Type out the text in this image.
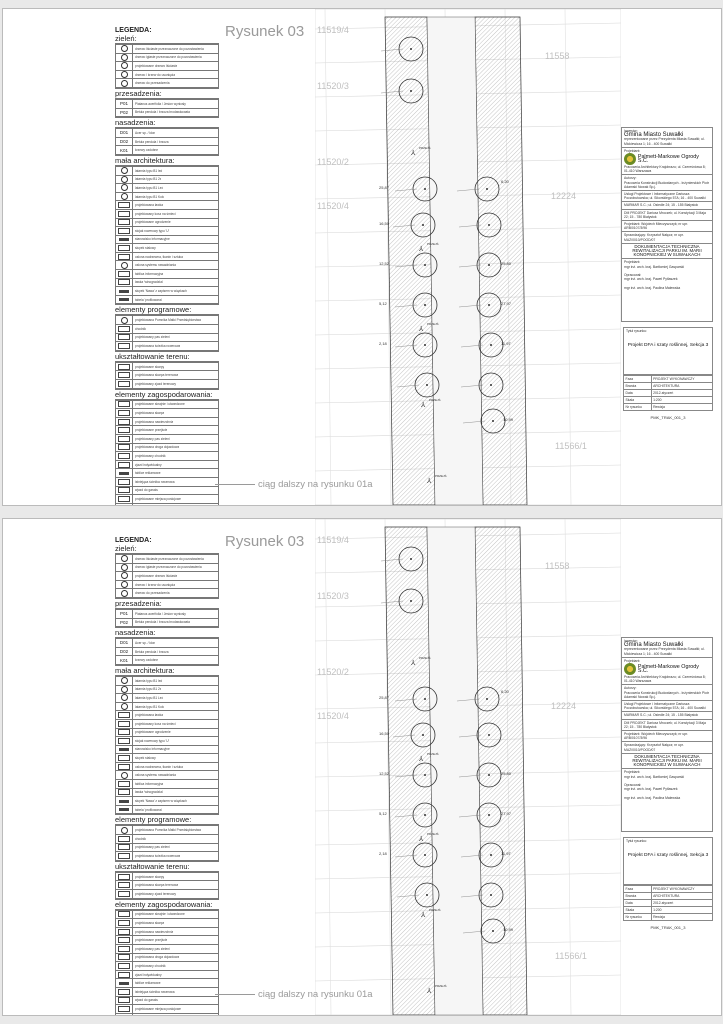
Rysunek 03
LEGENDA:
zieleń:
drzewo liściaste przeznaczone do pozostawienia
drzewo iglaste przeznaczone do pozostawienia
projektowane drzewo liściaste
drzewo / krzew do usunięcia
drzewo do przesadzenia
przesadzenia:
P01	Platanus acerifolia / Jesion wyniosły
P02	Betula pendula / brzoza brodawkowata
nasadzenia:
D01	Acer sp. / klon
D02	Betula pendula / brzoza
K01	krzewy ozdobne
mała architektura:
latarnia typu B1 led
latarnia typu B1 2x
latarnia typu B1 Led
latarnia typu B1 Koło
projektowana ławka
projektowany kosz na śmieci
projektowane ogrodzenie
stojak rowerowy typu 'U'
stanowisko informacyjne
słupek stalowy
osłona nadrzewna, tkanin i sztuka
osłona systemu nawadniania
tablica informacyjna
ławka 'winogradzka'
słupek 'Nawa' z zapisem w wiązkach
tabela 'profilowana'
elementy programowe:
projektowana Pomnika Matki Przedsiębiorstwa
chodnik
projektowany pas zieleni
projektowana ścieżka rowerowa
ukształtowanie terenu:
projektowane skarpy
projektowana skarpa terenowa
projektowany zjazd terenowy
elementy zagospodarowania:
projektowane skrajnie i utwardzone
projektowana skarpa
projektowana nawierzchnia
projektowane przejście
projektowany pas zieleni
projektowana droga dojazdowa
projektowany chodnik
zjazd indywidualny
tablice reklamowe
istniejąca ścieżka rowerowa
wjazd do garażu
projektowane miejsca postojowe
11519/4
11520/3
11520/2
11520/4
11558
12224
11566/1
25,87
16,50
12,52
5,12
2,18
6,20
25,80
27,97
11,97
10,99
⅄
PRZEJŚ
⅄
PRZEJŚ
⅄
PRZEJŚ
⅄
PRZEJŚ
⅄
PRZEJŚ
ciąg dalszy na rysunku 01a
Inwestor:
Gmina Miasto Suwałki
reprezentowane przez Prezydenta Miasta Suwałki; ul. Mickiewicza 1; 16 - 400 Suwałki
Projektant:
Palmett-Markowe Ogrody S.C.
Pracownia Architektury Krajobrazu; ul. Czereśniowa 8; 01-410 Warszawa
Autorzy:
Pracownia Konstrukcji Budowlanych - Inżynierskich Piotr Adamski Nowak Sp.j.
Usługi Projektowe i Informatyczne Dariusza Poczobutowska; ul. Sikorskiego 57A; 16 - 400 Suwałki
MARMAR S.C.; ul. Osiedle 24; 15 - 155 Białystok
DM PROJEKT Dariusz Mroczek; ul. Konstytucji 3 Maja 22; 15 - 780 Białystok
Projektant: Wojciech Mieczyszczyk; nr upr. ARB/0107/3/96
Sprawdzający: Krzysztof Nałęcz; nr upr. MAZ/0010/POOD/07
DOKUMENTACJA TECHNICZNA
REWITALIZACJI PARKU IM. MARII KONOPNICKIEJ W SUWAŁKACH
Projektant:
mgr inż. arch. kraj. Bartłomiej Gasparski

Opracował:
mgr inż. arch. kraj. Paweł Pytlaszek

mgr inż. arch. kraj. Paulina Malewska
Tytuł rysunku:
Projekt DFA i szaty roślinnej, Sekcja 3
Faza	PROJEKT WYKONAWCZY
Branża	ARCHITEKTURA
Data	2012-styczeń
Skala	1:200
Nr rysunku	Rewizja
PMK_TRAK_001_3
Rysunek 03
LEGENDA:
zieleń:
drzewo liściaste przeznaczone do pozostawienia
drzewo iglaste przeznaczone do pozostawienia
projektowane drzewo liściaste
drzewo / krzew do usunięcia
drzewo do przesadzenia
przesadzenia:
P01	Platanus acerifolia / Jesion wyniosły
P02	Betula pendula / brzoza brodawkowata
nasadzenia:
D01	Acer sp. / klon
D02	Betula pendula / brzoza
K01	krzewy ozdobne
mała architektura:
latarnia typu B1 led
latarnia typu B1 2x
latarnia typu B1 Led
latarnia typu B1 Koło
projektowana ławka
projektowany kosz na śmieci
projektowane ogrodzenie
stojak rowerowy typu 'U'
stanowisko informacyjne
słupek stalowy
osłona nadrzewna, tkanin i sztuka
osłona systemu nawadniania
tablica informacyjna
ławka 'winogradzka'
słupek 'Nawa' z zapisem w wiązkach
tabela 'profilowana'
elementy programowe:
projektowana Pomnika Matki Przedsiębiorstwa
chodnik
projektowany pas zieleni
projektowana ścieżka rowerowa
ukształtowanie terenu:
projektowane skarpy
projektowana skarpa terenowa
projektowany zjazd terenowy
elementy zagospodarowania:
projektowane skrajnie i utwardzone
projektowana skarpa
projektowana nawierzchnia
projektowane przejście
projektowany pas zieleni
projektowana droga dojazdowa
projektowany chodnik
zjazd indywidualny
tablice reklamowe
istniejąca ścieżka rowerowa
wjazd do garażu
projektowane miejsca postojowe
11519/4
11520/3
11520/2
11520/4
11558
12224
11566/1
25,87
16,50
12,52
5,12
2,18
6,20
25,80
27,97
11,97
10,99
⅄
PRZEJŚ
⅄
PRZEJŚ
⅄
PRZEJŚ
⅄
PRZEJŚ
⅄
PRZEJŚ
ciąg dalszy na rysunku 01a
Inwestor:
Gmina Miasto Suwałki
reprezentowane przez Prezydenta Miasta Suwałki; ul. Mickiewicza 1; 16 - 400 Suwałki
Projektant:
Palmett-Markowe Ogrody S.C.
Pracownia Architektury Krajobrazu; ul. Czereśniowa 8; 01-410 Warszawa
Autorzy:
Pracownia Konstrukcji Budowlanych - Inżynierskich Piotr Adamski Nowak Sp.j.
Usługi Projektowe i Informatyczne Dariusza Poczobutowska; ul. Sikorskiego 57A; 16 - 400 Suwałki
MARMAR S.C.; ul. Osiedle 24; 15 - 155 Białystok
DM PROJEKT Dariusz Mroczek; ul. Konstytucji 3 Maja 22; 15 - 780 Białystok
Projektant: Wojciech Mieczyszczyk; nr upr. ARB/0107/3/96
Sprawdzający: Krzysztof Nałęcz; nr upr. MAZ/0010/POOD/07
DOKUMENTACJA TECHNICZNA
REWITALIZACJI PARKU IM. MARII KONOPNICKIEJ W SUWAŁKACH
Projektant:
mgr inż. arch. kraj. Bartłomiej Gasparski

Opracował:
mgr inż. arch. kraj. Paweł Pytlaszek

mgr inż. arch. kraj. Paulina Malewska
Tytuł rysunku:
Projekt DFA i szaty roślinnej, Sekcja 3
Faza	PROJEKT WYKONAWCZY
Branża	ARCHITEKTURA
Data	2012-styczeń
Skala	1:200
Nr rysunku	Rewizja
PMK_TRAK_001_3
